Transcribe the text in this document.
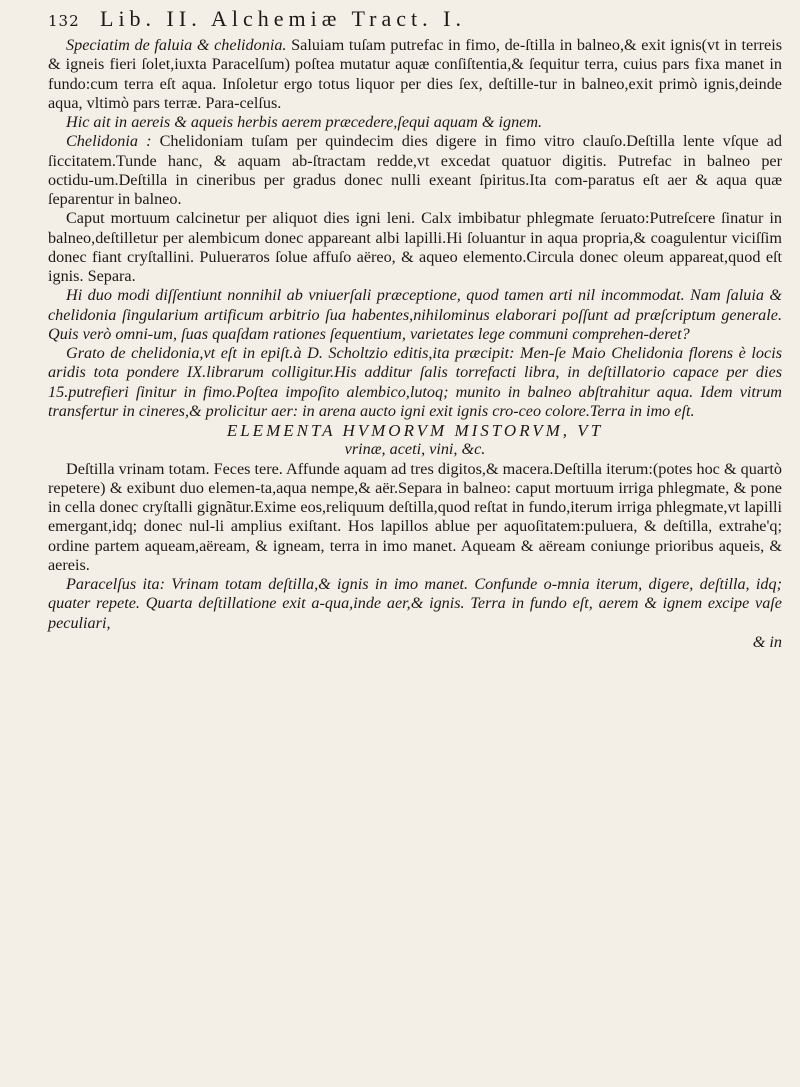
132 Lib. II. Alchemiæ Tract. I.

Speciatim de faluia & chelidonia. Saluiam tuſam putrefac in fimo, de‑ſtilla in balneo,& exit ignis(vt in terreis & igneis fieri ſolet,iuxta Paracelſum) poſtea mutatur aquæ conſiſtentia,& ſequitur terra, cuius pars fixa manet in fundo:cum terra eſt aqua. Inſoletur ergo totus liquor per dies ſex, deſtille‑tur in balneo,exit primò ignis,deinde aqua, vltimò pars terræ. Para‑celſus.

Hic ait in aereis & aqueis herbis aerem præcedere,ſequi aquam & ignem.

Chelidonia : Chelidoniam tuſam per quindecim dies digere in fimo vitro clauſo.Deſtilla lente vſque ad ſiccitatem.Tunde hanc, & aquam ab‑ſtractam redde,vt excedat quatuor digitis. Putrefac in balneo per octidu‑um.Deſtilla in cineribus per gradus donec nulli exeant ſpiritus.Ita com‑paratus eſt aer & aqua quæ ſeparentur in balneo.

Caput mortuum calcinetur per aliquot dies igni leni. Calx imbibatur phlegmate ſeruato:Putreſcere ſinatur in balneo,deſtilletur per alembicum donec appareant albi lapilli.Hi ſoluantur in aqua propria,& coagulentur viciſſim donec fiant cryſtallini. Puluerатos ſolue affuſo aëreo, & aqueo elemento.Circula donec oleum appareat,quod eſt ignis. Separa.

Hi duo modi diſſentiunt nonnihil ab vniuerſali præceptione, quod tamen arti nil incommodat. Nam ſaluia & chelidonia ſingularium artificum arbitrio ſua habentes,nihilominus elaborari poſſunt ad præſcriptum generale. Quis verò omni‑um, ſuas quaſdam rationes ſequentium, varietates lege communi comprehen‑deret?

Grato de chelidonia,vt eſt in epiſt.à D. Scholtzio editis,ita præcipit: Men‑ſe Maio Chelidonia florens è locis aridis tota pondere IX.librarum colligitur.His additur ſalis torrefacti libra, in deſtillatorio capace per dies 15.putrefieri ſinitur in fimo.Poſtea impoſito alembico,lutoq; munito in balneo abſtrahitur aqua. Idem vitrum transfertur in cineres,& prolicitur aer: in arena aucto igni exit ignis cro‑ceo colore.Terra in imo eſt.

ELEMENTA HVMORVM MISTORVM, VT

vrinæ, aceti, vini, &c.

Deſtilla vrinam totam. Feces tere. Affunde aquam ad tres digitos,& macera.Deſtilla iterum:(potes hoc & quartò repetere) & exibunt duo elemen‑ta,aqua nempe,& aër.Separa in balneo: caput mortuum irriga phlegmate, & pone in cella donec cryſtalli gignãtur.Exime eos,reliquum deſtilla,quod reſtat in fundo,iterum irriga phlegmate,vt lapilli emergant,idq; donec nul‑li amplius exiſtant. Hos lapillos ablue per aquoſitatem:puluera, & deſtilla, extrahe'q; ordine partem aqueam,aëream, & igneam, terra in imo manet. Aqueam & aëream coniunge prioribus aqueis, & aereis.

Paracelſus ita: Vrinam totam deſtilla,& ignis in imo manet. Confunde o‑mnia iterum, digere, deſtilla, idq; quater repete. Quarta deſtillatione exit a‑qua,inde aer,& ignis. Terra in fundo eſt, aerem & ignem excipe vaſe peculiari,

& in
